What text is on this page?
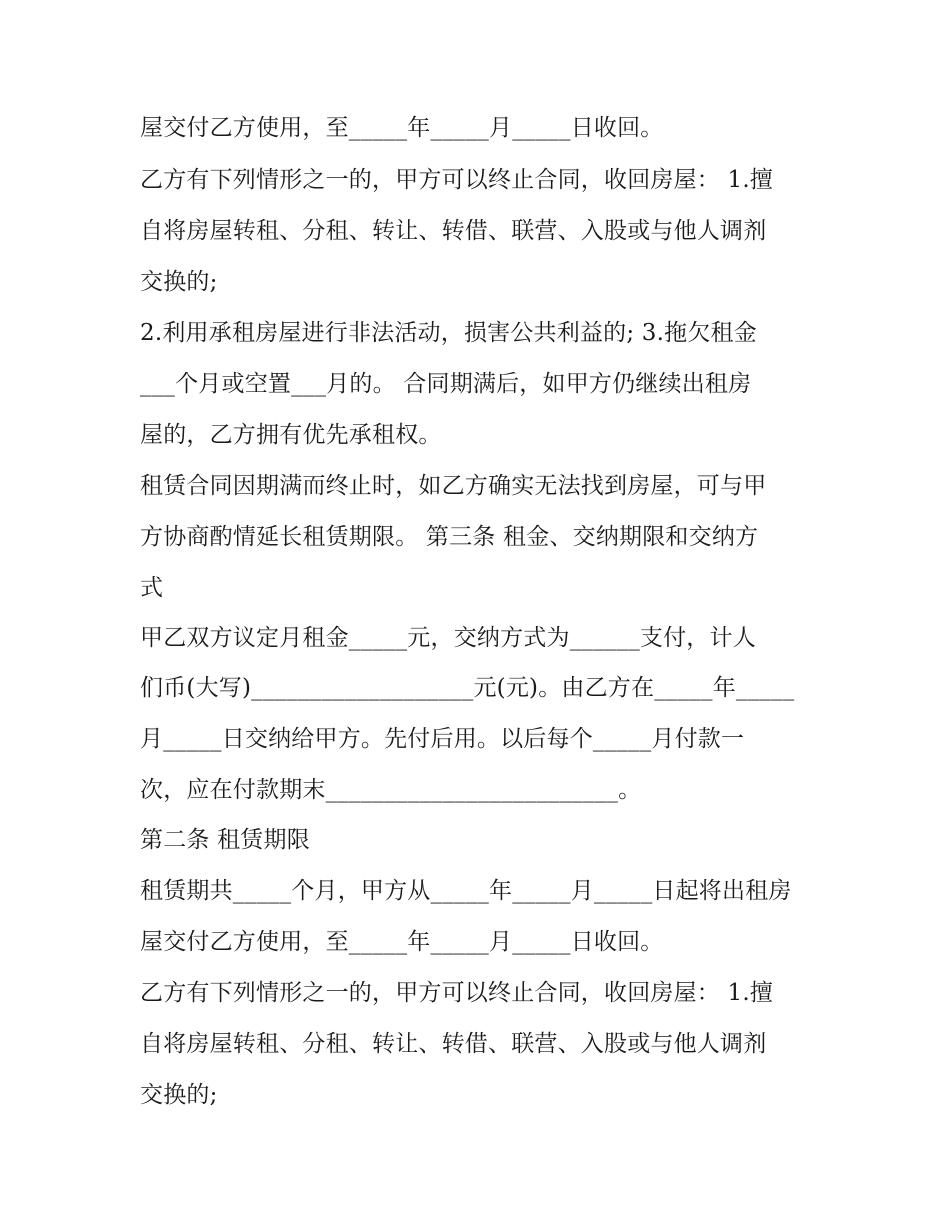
屋交付乙方使用，至_____年_____月_____日收回。
乙方有下列情形之一的，甲方可以终止合同，收回房屋： 1.擅
自将房屋转租、分租、转让、转借、联营、入股或与他人调剂
交换的;
2.利用承租房屋进行非法活动，损害公共利益的; 3.拖欠租金
___个月或空置___月的。 合同期满后，如甲方仍继续出租房
屋的，乙方拥有优先承租权。
租赁合同因期满而终止时，如乙方确实无法找到房屋，可与甲
方协商酌情延长租赁期限。 第三条 租金、交纳期限和交纳方
式
甲乙双方议定月租金_____元，交纳方式为______支付，计人
们币(大写)___________________元(元)。由乙方在_____年_____
月_____日交纳给甲方。先付后用。以后每个_____月付款一
次，应在付款期末_________________________。
第二条 租赁期限
租赁期共_____个月，甲方从_____年_____月_____日起将出租房
屋交付乙方使用，至_____年_____月_____日收回。
乙方有下列情形之一的，甲方可以终止合同，收回房屋： 1.擅
自将房屋转租、分租、转让、转借、联营、入股或与他人调剂
交换的;
